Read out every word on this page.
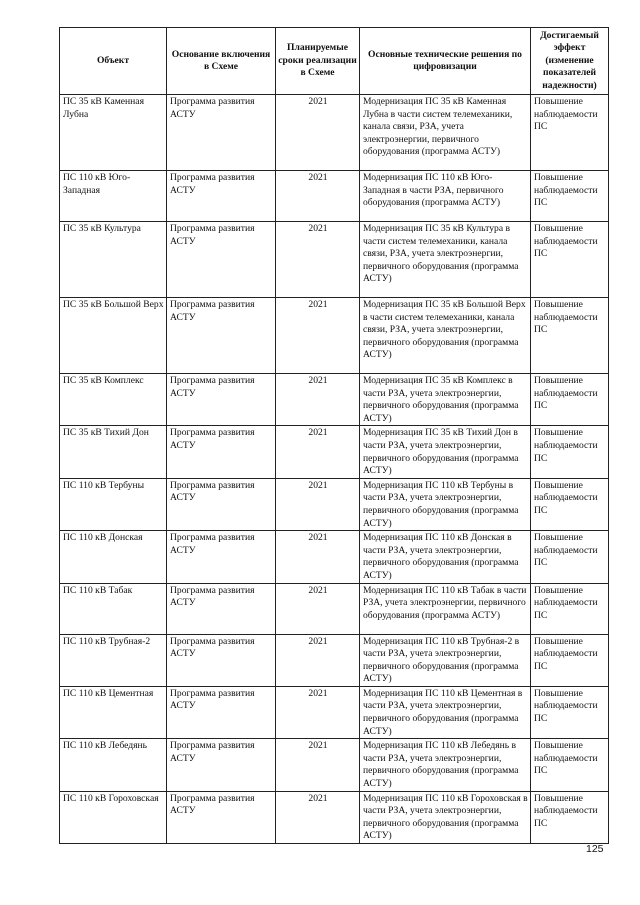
Объект	Основание включения в Схеме	Планируемые сроки реализации в Схеме	Основные технические решения по цифровизации	Достигаемый эффект (изменение показателей надежности)
ПС 35 кВ Каменная Лубна	Программа развития АСТУ	2021	Модернизация ПС 35 кВ Каменная Лубна в части систем телемеханики, канала связи, РЗА, учета электроэнергии, первичного оборудования (программа АСТУ)	Повышение наблюдаемости ПС
ПС 110 кВ Юго-Западная	Программа развития АСТУ	2021	Модернизация ПС 110 кВ Юго-Западная в части РЗА, первичного оборудования (программа АСТУ)	Повышение наблюдаемости ПС
ПС 35 кВ Культура	Программа развития АСТУ	2021	Модернизация ПС 35 кВ Культура в части систем телемеханики, канала связи, РЗА, учета электроэнергии, первичного оборудования (программа АСТУ)	Повышение наблюдаемости ПС
ПС 35 кВ Большой Верх	Программа развития АСТУ	2021	Модернизация ПС 35 кВ Большой Верх в части систем телемеханики, канала связи, РЗА, учета электроэнергии, первичного оборудования (программа АСТУ)	Повышение наблюдаемости ПС
ПС 35 кВ Комплекс	Программа развития АСТУ	2021	Модернизация ПС 35 кВ Комплекс в части РЗА, учета электроэнергии, первичного оборудования (программа АСТУ)	Повышение наблюдаемости ПС
ПС 35 кВ Тихий Дон	Программа развития АСТУ	2021	Модернизация ПС 35 кВ Тихий Дон в части РЗА, учета электроэнергии, первичного оборудования (программа АСТУ)	Повышение наблюдаемости ПС
ПС 110 кВ Тербуны	Программа развития АСТУ	2021	Модернизация ПС 110 кВ Тербуны в части РЗА, учета электроэнергии, первичного оборудования (программа АСТУ)	Повышение наблюдаемости ПС
ПС 110 кВ Донская	Программа развития АСТУ	2021	Модернизация ПС 110 кВ Донская в части РЗА, учета электроэнергии, первичного оборудования (программа АСТУ)	Повышение наблюдаемости ПС
ПС 110 кВ Табак	Программа развития АСТУ	2021	Модернизация ПС 110 кВ Табак в части РЗА, учета электроэнергии, первичного оборудования (программа АСТУ)	Повышение наблюдаемости ПС
ПС 110 кВ Трубная-2	Программа развития АСТУ	2021	Модернизация ПС 110 кВ Трубная-2 в части РЗА, учета электроэнергии, первичного оборудования (программа АСТУ)	Повышение наблюдаемости ПС
ПС 110 кВ Цементная	Программа развития АСТУ	2021	Модернизация ПС 110 кВ Цементная в части РЗА, учета электроэнергии, первичного оборудования (программа АСТУ)	Повышение наблюдаемости ПС
ПС 110 кВ Лебедянь	Программа развития АСТУ	2021	Модернизация ПС 110 кВ Лебедянь в части РЗА, учета электроэнергии, первичного оборудования (программа АСТУ)	Повышение наблюдаемости ПС
ПС 110 кВ Гороховская	Программа развития АСТУ	2021	Модернизация ПС 110 кВ Гороховская в части РЗА, учета электроэнергии, первичного оборудования (программа АСТУ)	Повышение наблюдаемости ПС
125
